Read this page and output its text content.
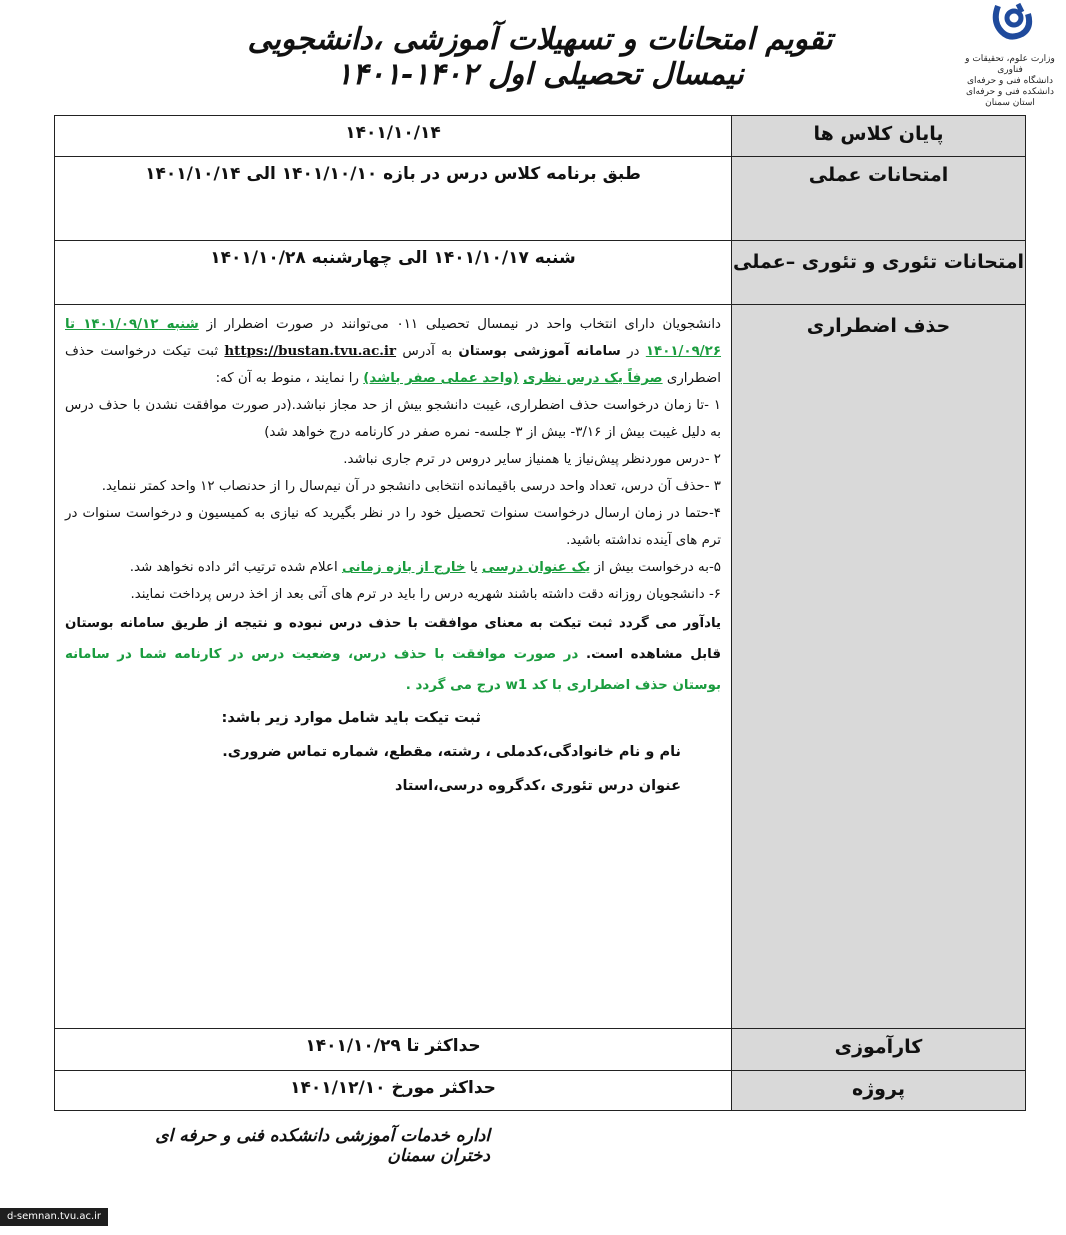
تقویم امتحانات و تسهیلات آموزشی ،دانشجویی نیمسال تحصیلی اول ۱۴۰۲-۱۴۰۱	وزارت علوم، تحقیقات و فناوری
دانشگاه فنی و حرفه‌ای
دانشکده فنی و حرفه‌ای استان سمنان
پایان کلاس ها
۱۴۰۱/۱۰/۱۴
امتحانات عملی
طبق برنامه کلاس درس در بازه ۱۴۰۱/۱۰/۱۰ الی ۱۴۰۱/۱۰/۱۴
امتحانات تئوری و تئوری –عملی
شنبه ۱۴۰۱/۱۰/۱۷ الی چهارشنبه ۱۴۰۱/۱۰/۲۸
حذف اضطراری

دانشجویان دارای انتخاب واحد در نیمسال تحصیلی ۰۱۱ می‌توانند در صورت اضطرار از شنبه ۱۴۰۱/۰۹/۱۲ تا ۱۴۰۱/۰۹/۲۶ در سامانه آموزشی بوستان به آدرس https://bustan.tvu.ac.ir ثبت تیکت درخواست حذف اضطراری صرفاً یک درس نظری (واحد عملی صفر باشد) را نمایند ، منوط به آن که:

۱ -تا زمان درخواست حذف اضطراری، غیبت دانشجو بیش از حد مجاز نباشد.(در صورت موافقت نشدن با حذف درس به دلیل غیبت بیش از ۳/۱۶- بیش از ۳ جلسه- نمره صفر در کارنامه درج خواهد شد)

۲ -درس موردنظر پیش‌نیاز یا همنیاز سایر دروس در ترم جاری نباشد.

۳ -حذف آن درس، تعداد واحد درسی باقیمانده انتخابی دانشجو در آن نیم‌سال را از حدنصاب ۱۲ واحد کمتر ننماید.

۴-حتما در زمان ارسال درخواست سنوات تحصیل خود را در نظر بگیرید که نیازی به کمیسیون و درخواست سنوات در ترم های آینده نداشته باشید.

۵-به درخواست بیش از یک عنوان درسی یا خارج از بازه زمانی اعلام شده ترتیب اثر داده نخواهد شد.

۶- دانشجویان روزانه دقت داشته باشند شهریه درس را باید در ترم های آتی بعد از اخذ درس پرداخت نمایند.

یادآور می گردد ثبت تیکت به معنای موافقت با حذف درس نبوده و نتیجه از طریق سامانه بوستان قابل مشاهده است. در صورت موافقت با حذف درس، وضعیت درس در کارنامه شما در سامانه بوستان حذف اضطراری با کد w1 درج می گردد .

ثبت تیکت باید شامل موارد زیر باشد:

نام و نام خانوادگی،کدملی ، رشته، مقطع، شماره تماس ضروری.

عنوان درس تئوری ،کدگروه درسی،استاد

کارآموزی
حداکثر تا ۱۴۰۱/۱۰/۲۹
پروژه
حداکثر مورخ ۱۴۰۱/۱۲/۱۰
اداره خدمات آموزشی دانشکده فنی و حرفه ای دختران سمنان
d-semnan.tvu.ac.ir
